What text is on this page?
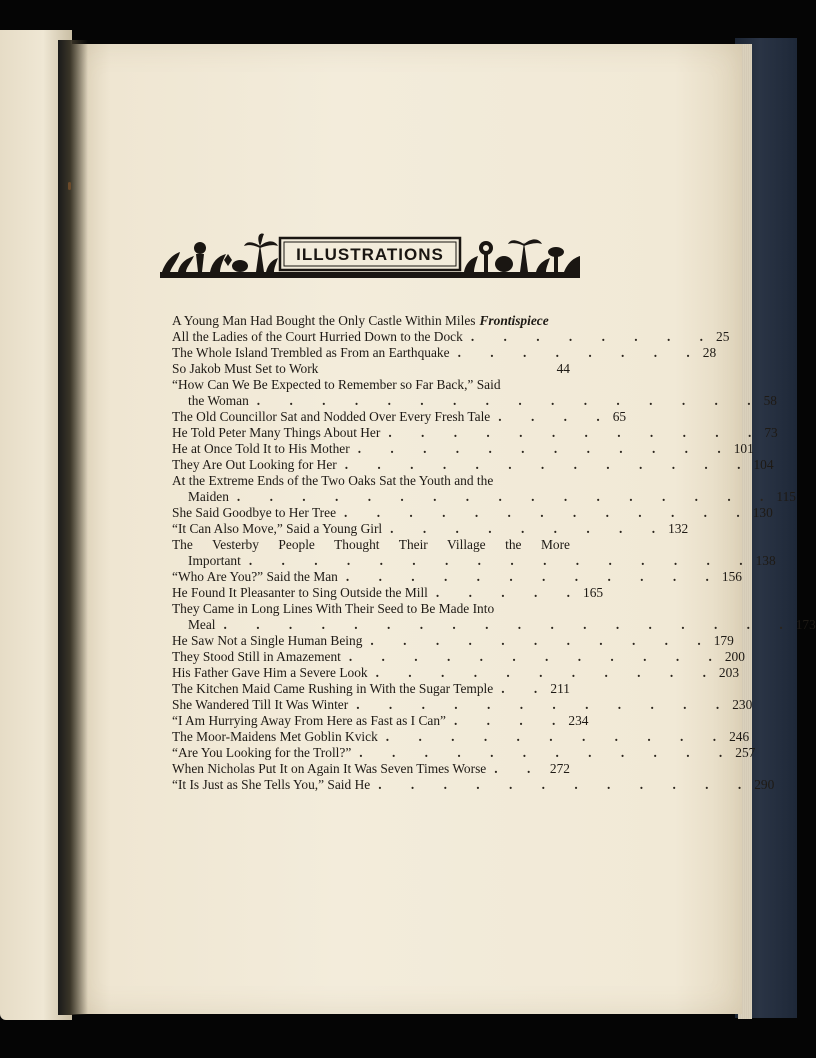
ILLUSTRATIONS
A Young Man Had Bought the Only Castle Within Miles Frontispiece
All the Ladies of the Court Hurried Down to the Dock . . . . . . . . 25
The Whole Island Trembled as From an Earthquake . . . . . . . . 28
So Jakob Must Set to Work	44
“How Can We Be Expected to Remember so Far Back,” Said
the Woman . . . . . . . . . . . . . . . . 58
The Old Councillor Sat and Nodded Over Every Fresh Tale . . . . 65
He Told Peter Many Things About Her . . . . . . . . . . . . 73
He at Once Told It to His Mother . . . . . . . . . . . . 101
They Are Out Looking for Her . . . . . . . . . . . . . 104
At the Extreme Ends of the Two Oaks Sat the Youth and the
Maiden . . . . . . . . . . . . . . . . . 115
She Said Goodbye to Her Tree . . . . . . . . . . . . . 130
“It Can Also Move,” Said a Young Girl . . . . . . . . . 132
The Vesterby People Thought Their Village the More
Important . . . . . . . . . . . . . . . . 138
“Who Are You?” Said the Man . . . . . . . . . . . . 156
He Found It Pleasanter to Sing Outside the Mill . . . . . 165
They Came in Long Lines With Their Seed to Be Made Into
Meal . . . . . . . . . . . . . . . . . . 173
He Saw Not a Single Human Being . . . . . . . . . . . 179
They Stood Still in Amazement . . . . . . . . . . . . 200
His Father Gave Him a Severe Look . . . . . . . . . . . 203
The Kitchen Maid Came Rushing in With the Sugar Temple . . 211
She Wandered Till It Was Winter . . . . . . . . . . . . 230
“I Am Hurrying Away From Here as Fast as I Can” . . . . 234
The Moor-Maidens Met Goblin Kvick . . . . . . . . . . . 246
“Are You Looking for the Troll?” . . . . . . . . . . . . 257
When Nicholas Put It on Again It Was Seven Times Worse . . 272
“It Is Just as She Tells You,” Said He . . . . . . . . . . . . 290
